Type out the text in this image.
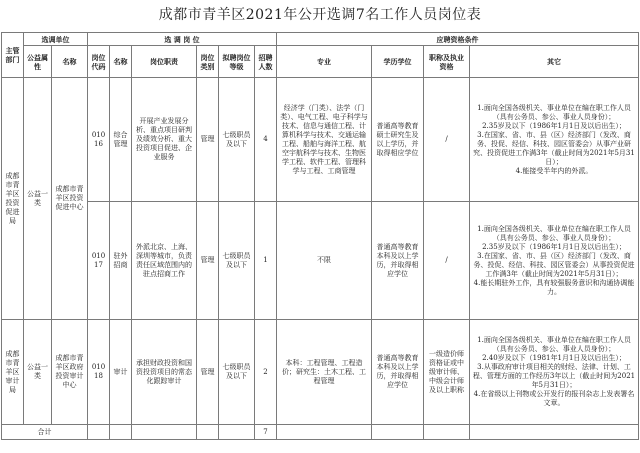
成都市青羊区2021年公开选调7名工作人员岗位表
主管部门	选调单位		选 调 岗 位						应聘资格条件			
	公益属性	名称	岗位代码	名称	岗位职责	岗位类别	拟聘岗位等级	招聘人数	专业	学历学位	职称及执业资格	其它
成都市青羊区投资促进局	公益一类	成都市青羊区投资促进中心	01016	综合管理	开展产业发展分析、重点项目研判及绩效分析、重大投资项目促进、企业服务	管理	七级职员及以下	4	经济学（门类）、法学（门类）、电气工程、电子科学与技术、信息与通信工程、计算机科学与技术、交通运输工程、船舶与海洋工程、航空宇航科学与技术、生物医学工程、软件工程、管理科学与工程、工商管理	普通高等教育硕士研究生及以上学历，并取得相应学位	/	1.面向全国各级机关、事业单位在编在职工作人员（具有公务员、参公、事业人员身份）；
2.35岁及以下（1986年1月1日及以后出生）；
3.在国家、省、市、县（区）经济部门（发改、商务、投促、经信、科技、园区管委会）从事产业研究、投资促进工作满3年（截止时间为2021年5月31日）；
4.能接受半年内的外派。

			01017	驻外招商	外派北京、上海、深圳等城市，负责责任区域范围内的驻点招商工作	管理	七级职员及以下	1	不限	普通高等教育本科及以上学历，并取得相应学位	/	1.面向全国各级机关、事业单位在编在职工作人员（具有公务员、参公、事业人员身份）；
2.35岁及以下（1986年1月1日及以后出生）；
3.在国家、省、市、县（区）经济部门（发改、商务、投促、经信、科技、园区管委会）从事投资促进工作满3年（截止时间为2021年5月31日）；
4.能长期驻外工作，具有较强服务意识和沟通协调能力。

成都市青羊区审计局	公益一类	成都市青羊区政府投资审计中心	01018	审计	承担财政投资和国资投资项目的常态化跟踪审计	管理	七级职员及以下	2	本科：工程管理、工程造价；研究生：土木工程、工程管理	普通高等教育本科及以上学历，并取得相应学位	一级造价师资格证或中级审计师、中级会计师及以上职称	1.面向全国各级机关、事业单位在编在职工作人员（具有公务员、参公、事业人员身份）；
2.40岁及以下（1981年1月1日及以后出生）；
3.从事政府审计项目相关的财经、法律、计划、工程、管理方面的工作经历3年以上（截止时间为2021年5月31日）；
4.在省级以上刊物或公开发行的报刊杂志上发表署名文章。

合计								7				
